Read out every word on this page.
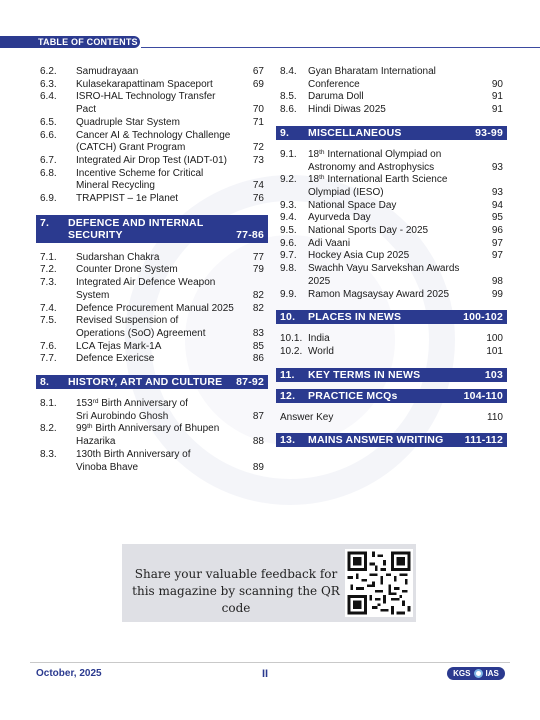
TABLE OF CONTENTS
6.2.	Samudrayaan	67
6.3.	Kulasekarapattinam Spaceport	69
6.4.	ISRO-HAL Technology Transfer Pact	70
6.5.	Quadruple Star System	71
6.6.	Cancer AI & Technology Challenge
(CATCH) Grant Program	72
6.7.	Integrated Air Drop Test (IADT-01)	73
6.8.	Incentive Scheme for Critical
Mineral Recycling	74
6.9.	TRAPPIST – 1e Planet	76
7.	DEFENCE AND INTERNAL
SECURITY	77-86
7.1.	Sudarshan Chakra	77
7.2.	Counter Drone System	79
7.3.	Integrated Air Defence Weapon
System	82
7.4.	Defence Procurement Manual 2025	82
7.5.	Revised Suspension of
Operations (SoO) Agreement	83
7.6.	LCA Tejas Mark-1A	85
7.7.	Defence Exericse	86
8.	HISTORY, ART AND CULTURE	87-92
8.1.	153rd Birth Anniversary of
Sri Aurobindo Ghosh	87
8.2.	99th Birth Anniversary of Bhupen
Hazarika	88
8.3.	130th Birth Anniversary of
Vinoba Bhave	89
8.4.	Gyan Bharatam International
Conference	90
8.5.	Daruma Doll	91
8.6.	Hindi Diwas 2025	91
9.	MISCELLANEOUS	93-99
9.1.	18th International Olympiad on
Astronomy and Astrophysics	93
9.2.	18th International Earth Science
Olympiad (IESO)	93
9.3.	National Space Day	94
9.4.	Ayurveda Day	95
9.5.	National Sports Day - 2025	96
9.6.	Adi Vaani	97
9.7.	Hockey Asia Cup 2025	97
9.8.	Swachh Vayu Sarvekshan Awards
2025	98
9.9.	Ramon Magsaysay Award 2025	99
10.	PLACES IN NEWS	100-102
10.1. India	100
10.2. World	101
11.	KEY TERMS IN NEWS	103
12.	PRACTICE MCQs	104-110
Answer Key	110
13.	MAINS ANSWER WRITING	111-112
Share your valuable feedback for this magazine by scanning the QR code
October, 2025	II	KGS IAS
